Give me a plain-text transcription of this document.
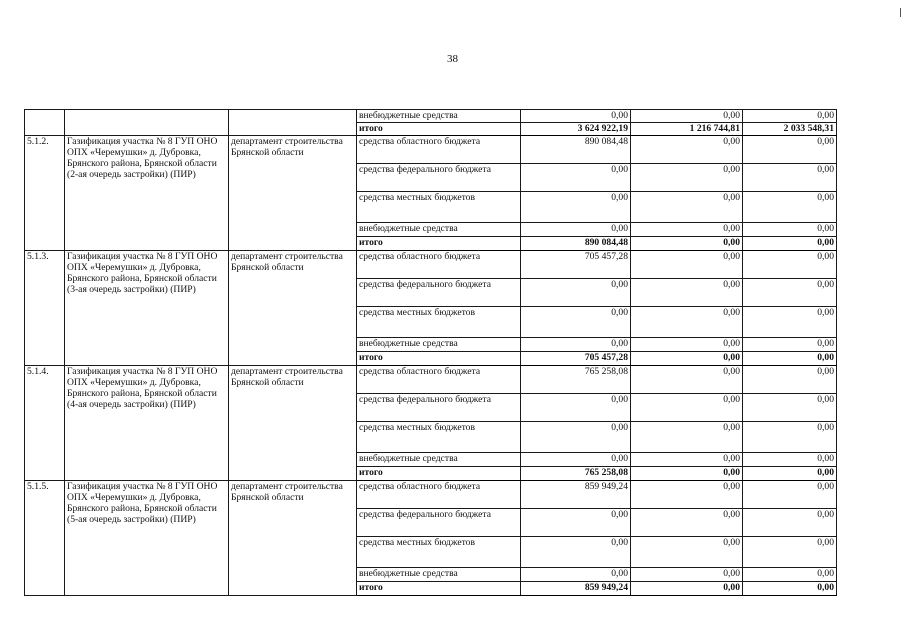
38
			внебюджетные средства	0,00	0,00	0,00
			итого	3 624 922,19	1 216 744,81	2 033 548,31
5.1.2.	Газификация участка № 8 ГУП ОНО ОПХ «Черемушки» д. Дубровка, Брянского района, Брянской области (2-ая очередь застройки) (ПИР)	департамент строительства Брянской области	средства областного бюджета	890 084,48	0,00	0,00
			средства федерального бюджета	0,00	0,00	0,00
			средства местных бюджетов	0,00	0,00	0,00
			внебюджетные средства	0,00	0,00	0,00
			итого	890 084,48	0,00	0,00
5.1.3.	Газификация участка № 8 ГУП ОНО ОПХ «Черемушки» д. Дубровка, Брянского района, Брянской области (3-ая очередь застройки) (ПИР)	департамент строительства Брянской области	средства областного бюджета	705 457,28	0,00	0,00
			средства федерального бюджета	0,00	0,00	0,00
			средства местных бюджетов	0,00	0,00	0,00
			внебюджетные средства	0,00	0,00	0,00
			итого	705 457,28	0,00	0,00
5.1.4.	Газификация участка № 8 ГУП ОНО ОПХ «Черемушки» д. Дубровка, Брянского района, Брянской области (4-ая очередь застройки) (ПИР)	департамент строительства Брянской области	средства областного бюджета	765 258,08	0,00	0,00
			средства федерального бюджета	0,00	0,00	0,00
			средства местных бюджетов	0,00	0,00	0,00
			внебюджетные средства	0,00	0,00	0,00
			итого	765 258,08	0,00	0,00
5.1.5.	Газификация участка № 8 ГУП ОНО ОПХ «Черемушки» д. Дубровка, Брянского района, Брянской области (5-ая очередь застройки) (ПИР)	департамент строительства Брянской области	средства областного бюджета	859 949,24	0,00	0,00
			средства федерального бюджета	0,00	0,00	0,00
			средства местных бюджетов	0,00	0,00	0,00
			внебюджетные средства	0,00	0,00	0,00
			итого	859 949,24	0,00	0,00
